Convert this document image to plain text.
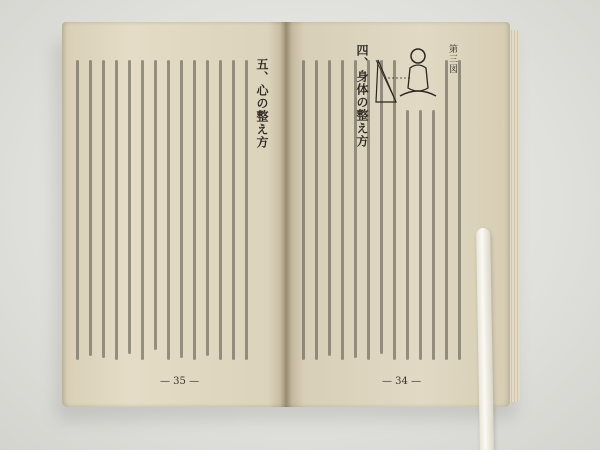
五、心の整え方
— 35 —
四、身体の整え方	第三図
— 34 —
